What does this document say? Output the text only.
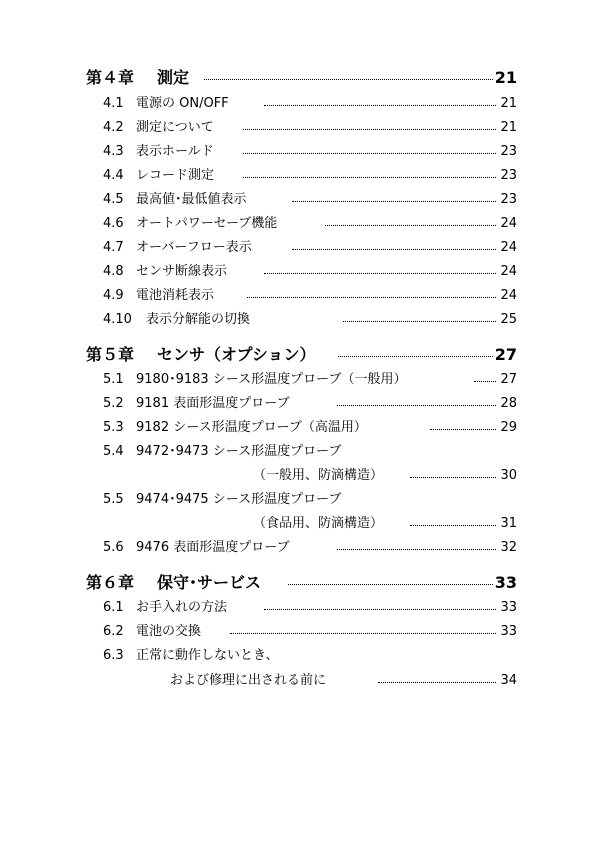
第４章 測定	21
4.1 電源の ON/OFF	21
4.2 測定について	21
4.3 表示ホールド	23
4.4 レコード測定	23
4.5 最高値･最低値表示	23
4.6 オートパワーセーブ機能	24
4.7 オーバーフロー表示	24
4.8 センサ断線表示	24
4.9 電池消耗表示	24
4.10 表示分解能の切換	25
第５章 センサ（オプション）	27
5.1 9180･9183 シース形温度プローブ（一般用）	27
5.2 9181 表面形温度プローブ	28
5.3 9182 シース形温度プローブ（高温用）	29
5.4 9472･9473 シース形温度プローブ
（一般用、防滴構造）	30
5.5 9474･9475 シース形温度プローブ
（食品用、防滴構造）	31
5.6 9476 表面形温度プローブ	32
第６章 保守･サービス	33
6.1 お手入れの方法	33
6.2 電池の交換	33
6.3 正常に動作しないとき、
および修理に出される前に	34
